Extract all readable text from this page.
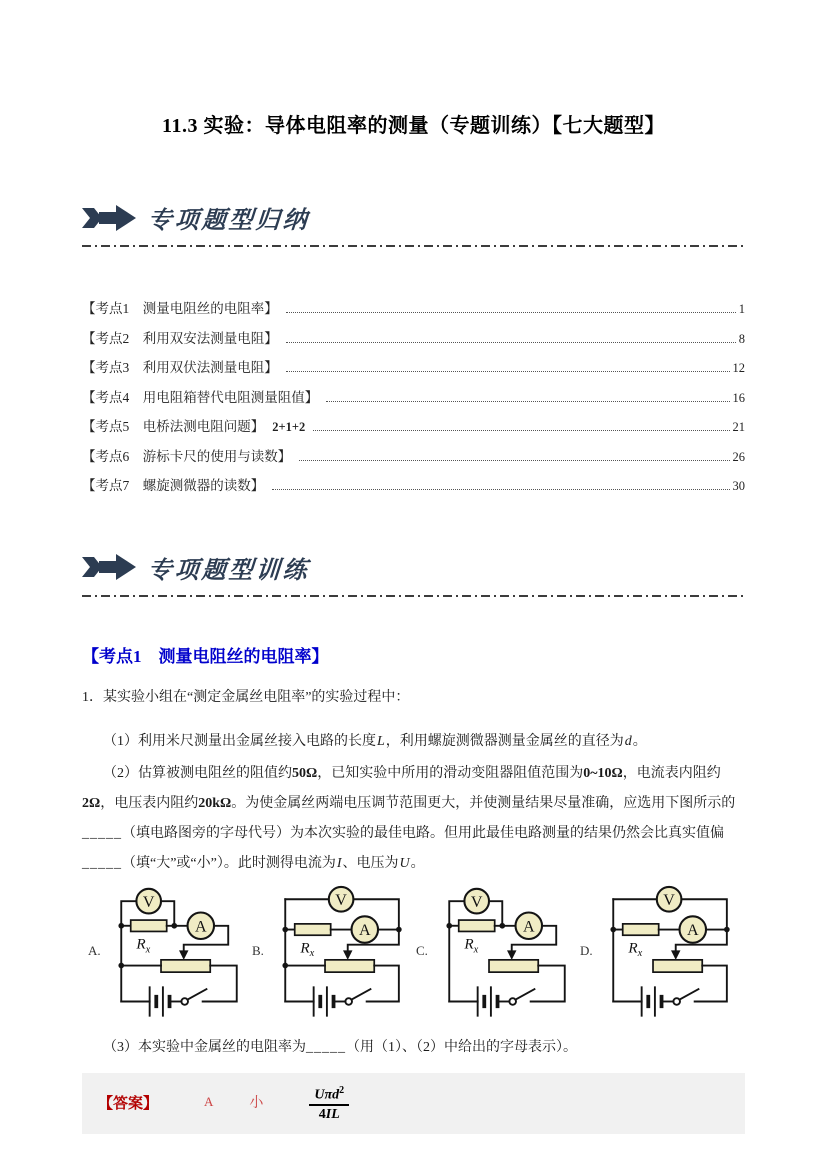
11.3 实验：导体电阻率的测量（专题训练）【七大题型】
专项题型归纳
【考点1　测量电阻丝的电阻率】	1
【考点2　利用双安法测量电阻】	8
【考点3　利用双伏法测量电阻】	12
【考点4　用电阻箱替代电阻测量阻值】	16
【考点5　电桥法测电阻问题】 2+1+2	21
【考点6　游标卡尺的使用与读数】	26
【考点7　螺旋测微器的读数】	30
专项题型训练
【考点1　测量电阻丝的电阻率】

1．某实验小组在“测定金属丝电阻率”的实验过程中：

（1）利用米尺测量出金属丝接入电路的长度L，利用螺旋测微器测量金属丝的直径为d。

（2）估算被测电阻丝的阻值约50Ω，已知实验中所用的滑动变阻器阻值范围为0~10Ω，电流表内阻约2Ω，电压表内阻约20kΩ。为使金属丝两端电压调节范围更大，并使测量结果尽量准确，应选用下图所示的_____（填电路图旁的字母代号）为本次实验的最佳电路。但用此最佳电路测量的结果仍然会比真实值偏_____（填“大”或“小”）。此时测得电流为I、电压为U。

A.
V
A
$R_x$	B.
V
A
$R_x$	C.
V
A
$R_x$	D.
V
A
$R_x$

（3）本实验中金属丝的电阻率为_____（用（1）、（2）中给出的字母表示）。

【答案】	A	小	$\frac{U\pi d^2}{4IL}$
